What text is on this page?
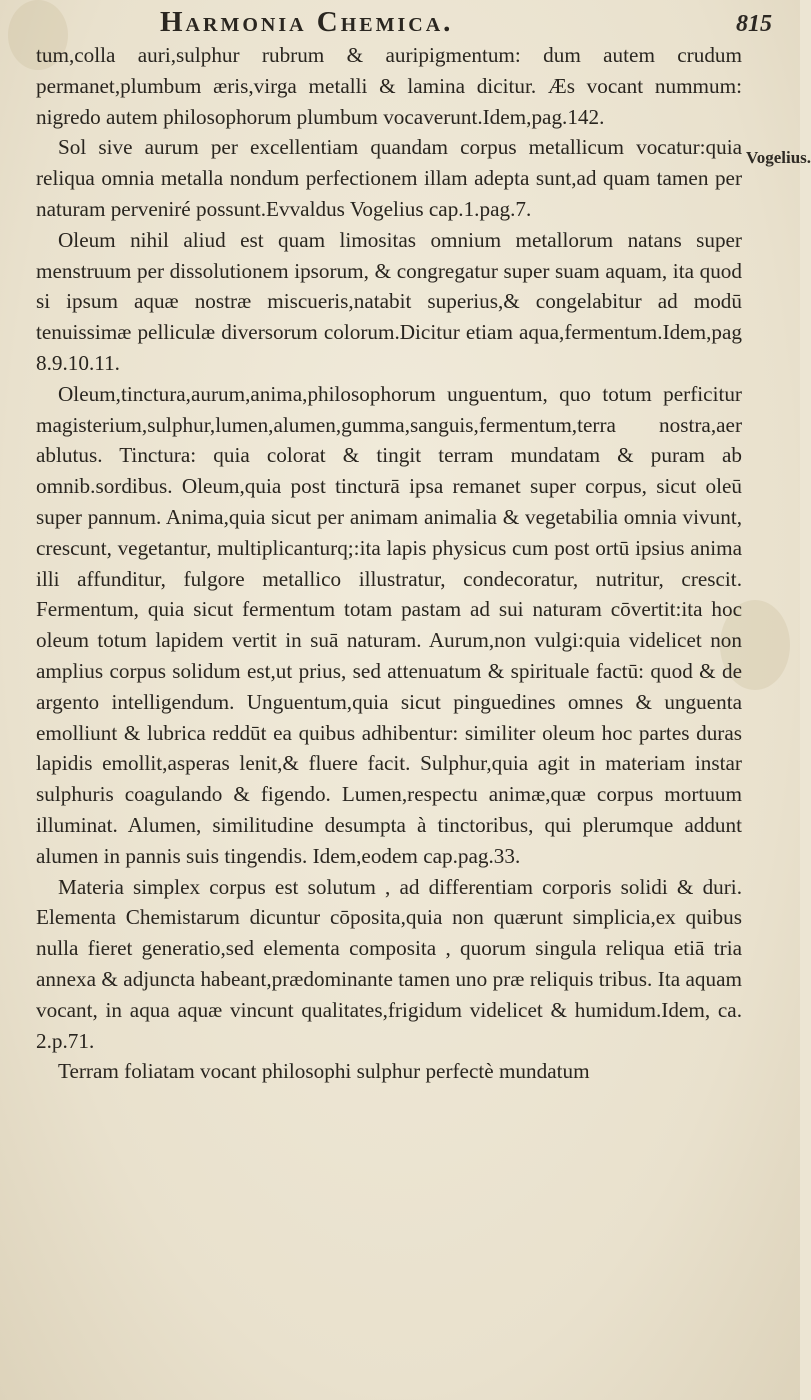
Harmonia Chemica.	815
Vogelius.

tum,colla auri,sulphur rubrum & auripigmentum: dum autem crudum permanet,plumbum æris,virga metalli & lamina dicitur. Æs vocant nummum: nigredo autem philosophorum plumbum vocaverunt.Idem,pag.142.

Sol sive aurum per excellentiam quandam corpus metallicum vocatur:quia reliqua omnia metalla nondum perfectionem illam adepta sunt,ad quam tamen per naturam perveniré possunt.Evvaldus Vogelius cap.1.pag.7.

Oleum nihil aliud est quam limositas omnium metallorum natans super menstruum per dissolutionem ipsorum, & congregatur super suam aquam, ita quod si ipsum aquæ nostræ miscueris,natabit superius,& congelabitur ad modū tenuissimæ pelliculæ diversorum colorum.Dicitur etiam aqua,fermentum.Idem,pag 8.9.10.11.

Oleum,tinctura,aurum,anima,philosophorum unguentum, quo totum perficitur magisterium,sulphur,lumen,alumen,gumma,sanguis,fermentum,terra nostra,aer ablutus. Tinctura: quia colorat & tingit terram mundatam & puram ab omnib.sordibus. Oleum,quia post tincturā ipsa remanet super corpus, sicut oleū super pannum. Anima,quia sicut per animam animalia & vegetabilia omnia vivunt, crescunt, vegetantur, multiplicanturq;:ita lapis physicus cum post ortū ipsius anima illi affunditur, fulgore metallico illustratur, condecoratur, nutritur, crescit. Fermentum, quia sicut fermentum totam pastam ad sui naturam cōvertit:ita hoc oleum totum lapidem vertit in suā naturam. Aurum,non vulgi:quia videlicet non amplius corpus solidum est,ut prius, sed attenuatum & spirituale factū: quod & de argento intelligendum. Unguentum,quia sicut pinguedines omnes & unguenta emolliunt & lubrica reddūt ea quibus adhibentur: similiter oleum hoc partes duras lapidis emollit,asperas lenit,& fluere facit. Sulphur,quia agit in materiam instar sulphuris coagulando & figendo. Lumen,respectu animæ,quæ corpus mortuum illuminat. Alumen, similitudine desumpta à tinctoribus, qui plerumque addunt alumen in pannis suis tingendis. Idem,eodem cap.pag.33.

Materia simplex corpus est solutum , ad differentiam corporis solidi & duri. Elementa Chemistarum dicuntur cōposita,quia non quærunt simplicia,ex quibus nulla fieret generatio,sed elementa composita , quorum singula reliqua etiā tria annexa & adjuncta habeant,prædominante tamen uno præ reliquis tribus. Ita aquam vocant, in aqua aquæ vincunt qualitates,frigidum videlicet & humidum.Idem, ca. 2.p.71.

Terram foliatam vocant philosophi sulphur perfectè mundatum
